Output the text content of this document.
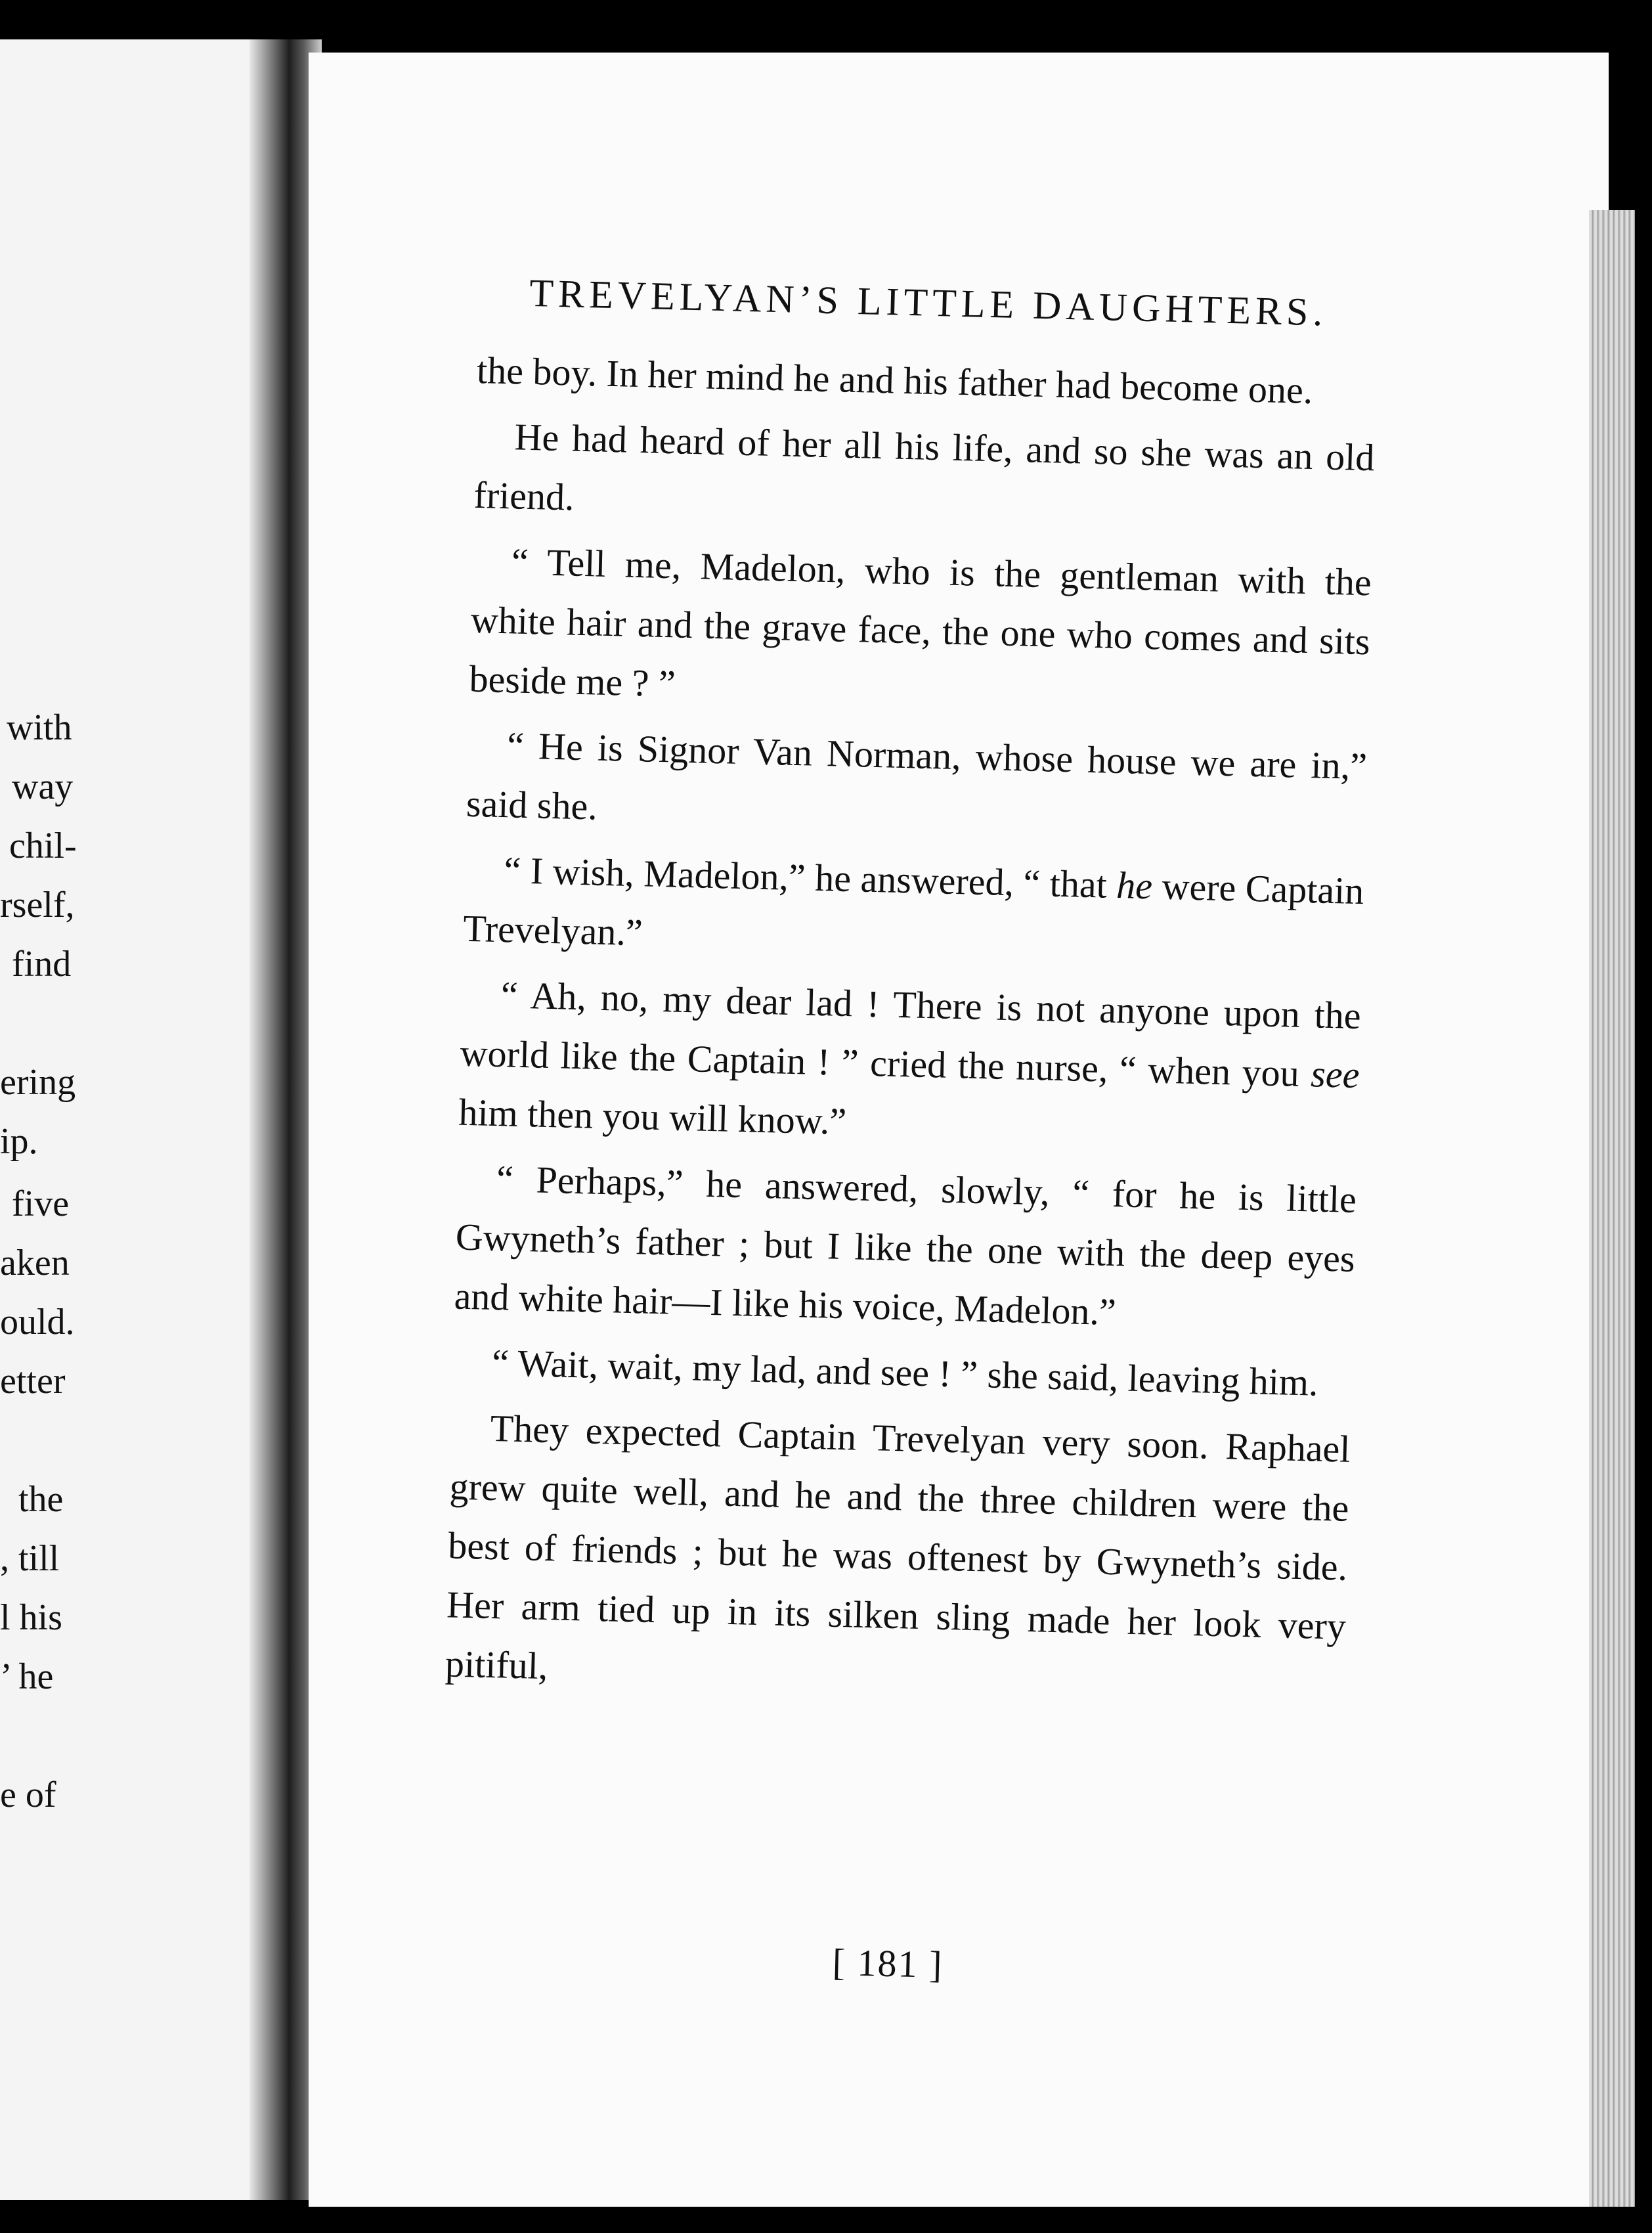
with
way
chil-
rself,
find
ering
ip.
five
aken
ould.
etter
the
, till
l his
’ he
e of
TREVELYAN’S LITTLE DAUGHTERS.

the boy. In her mind he and his father had become one.

He had heard of her all his life, and so she was an old friend.

“ Tell me, Madelon, who is the gentleman with the white hair and the grave face, the one who comes and sits beside me ? ”

“ He is Signor Van Norman, whose house we are in,” said she.

“ I wish, Madelon,” he answered, “ that he were Captain Trevelyan.”

“ Ah, no, my dear lad ! There is not anyone upon the world like the Captain ! ” cried the nurse, “ when you see him then you will know.”

“ Perhaps,” he answered, slowly, “ for he is little Gwyneth’s father ; but I like the one with the deep eyes and white hair—I like his voice, Madelon.”

“ Wait, wait, my lad, and see ! ” she said, leaving him.

They expected Captain Trevelyan very soon. Raphael grew quite well, and he and the three children were the best of friends ; but he was oftenest by Gwyneth’s side. Her arm tied up in its silken sling made her look very pitiful,

[ 181 ]
